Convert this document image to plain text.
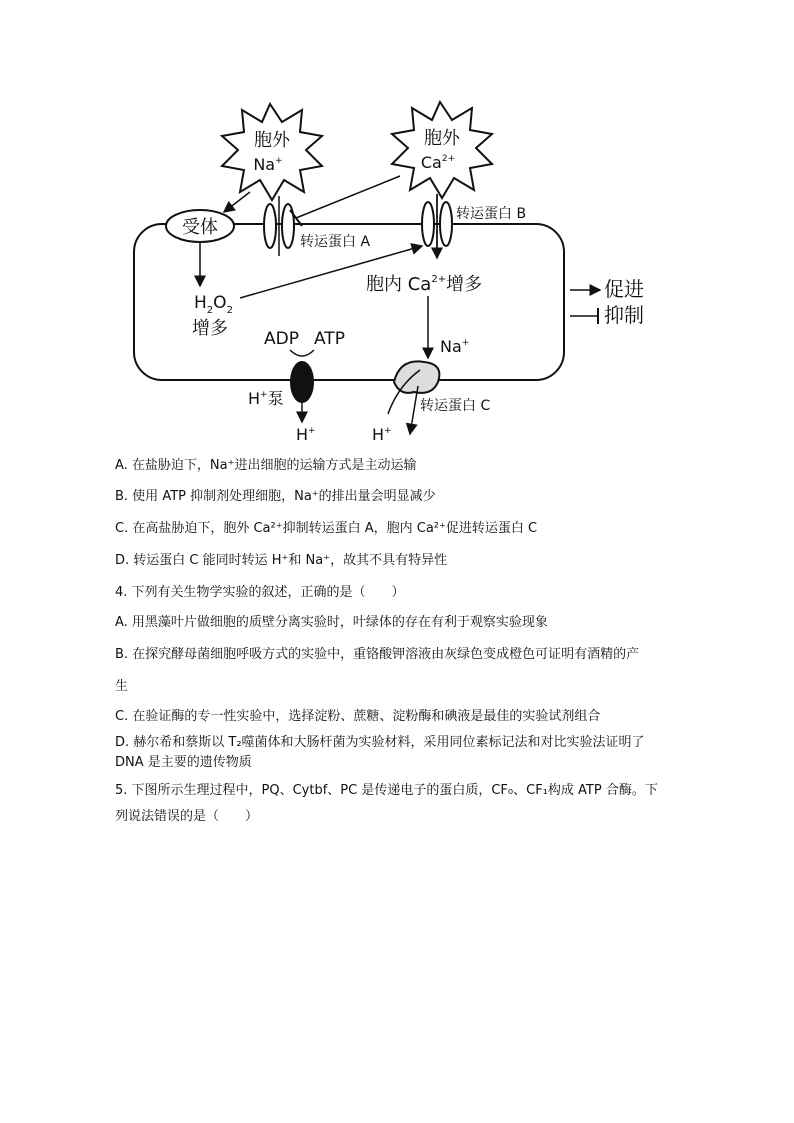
胞外
Na+
胞外
$Ca^{2+}$
受体
转运蛋白 A
转运蛋白 B
$H_2O_2$
增多
胞内 $Ca^{2+}$增多
Na+
ADP ATP
H+泵
H+
转运蛋白 C
H+
促进
抑制
A. 在盐胁迫下，Na⁺进出细胞的运输方式是主动运输
B. 使用 ATP 抑制剂处理细胞，Na⁺的排出量会明显减少
C. 在高盐胁迫下，胞外 Ca²⁺抑制转运蛋白 A，胞内 Ca²⁺促进转运蛋白 C
D. 转运蛋白 C 能同时转运 H⁺和 Na⁺，故其不具有特异性
4. 下列有关生物学实验的叙述，正确的是（　　）
A. 用黑藻叶片做细胞的质壁分离实验时，叶绿体的存在有利于观察实验现象
B. 在探究酵母菌细胞呼吸方式的实验中，重铬酸钾溶液由灰绿色变成橙色可证明有酒精的产
生
C. 在验证酶的专一性实验中，选择淀粉、蔗糖、淀粉酶和碘液是最佳的实验试剂组合
D. 赫尔希和蔡斯以 T₂噬菌体和大肠杆菌为实验材料，采用同位素标记法和对比实验法证明了
DNA 是主要的遗传物质
5. 下图所示生理过程中，PQ、Cytbf、PC 是传递电子的蛋白质，CF₀、CF₁构成 ATP 合酶。下
列说法错误的是（　　）
